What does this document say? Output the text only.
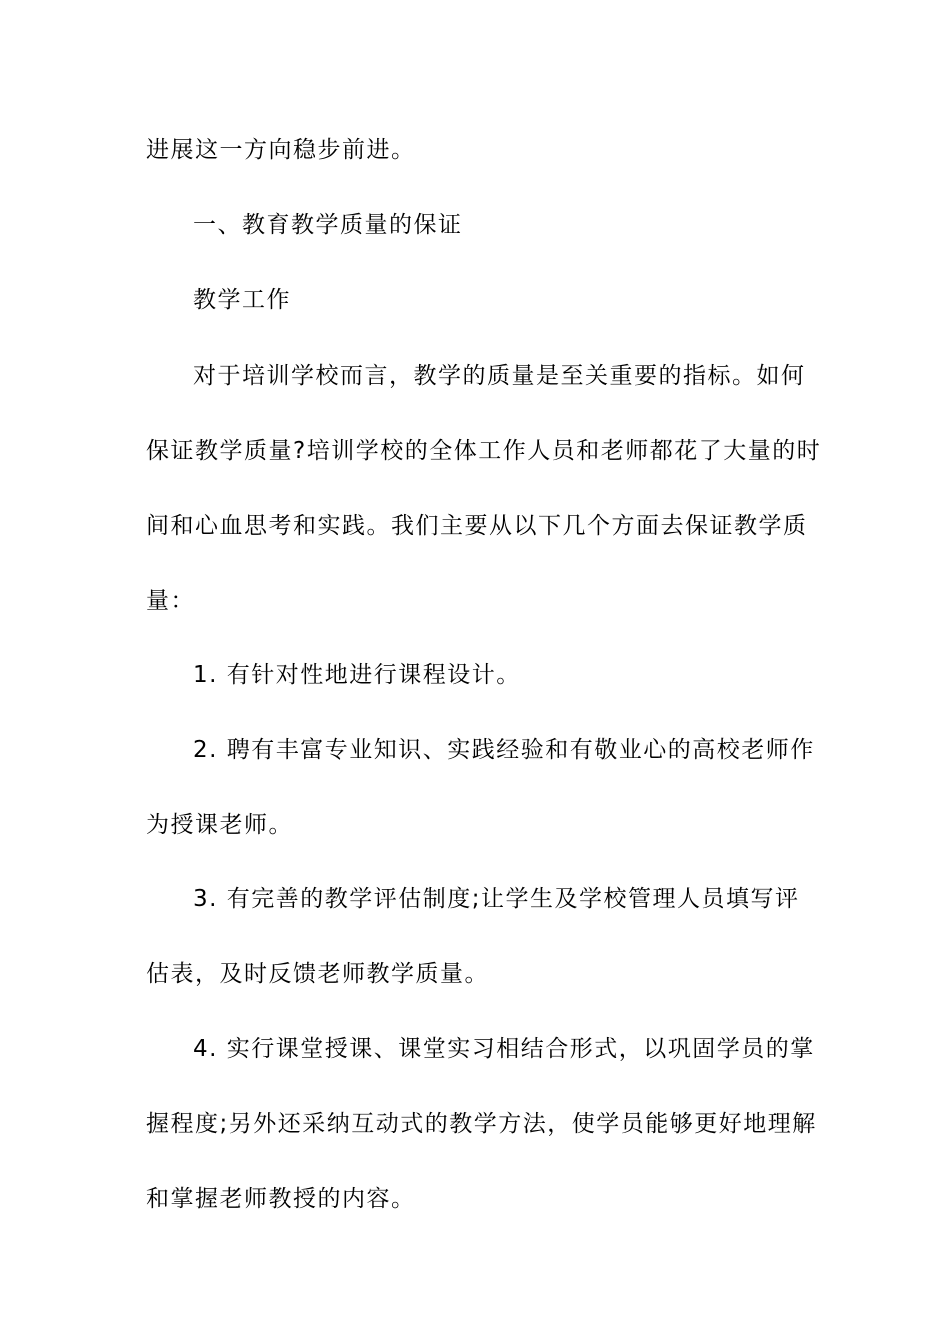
进展这一方向稳步前进。

一、教育教学质量的保证

教学工作

对于培训学校而言，教学的质量是至关重要的指标。如何
保证教学质量?培训学校的全体工作人员和老师都花了大量的时
间和心血思考和实践。我们主要从以下几个方面去保证教学质
量：

1. 有针对性地进行课程设计。

2. 聘有丰富专业知识、实践经验和有敬业心的高校老师作
为授课老师。

3. 有完善的教学评估制度;让学生及学校管理人员填写评
估表，及时反馈老师教学质量。

4. 实行课堂授课、课堂实习相结合形式，以巩固学员的掌
握程度;另外还采纳互动式的教学方法，使学员能够更好地理解
和掌握老师教授的内容。
